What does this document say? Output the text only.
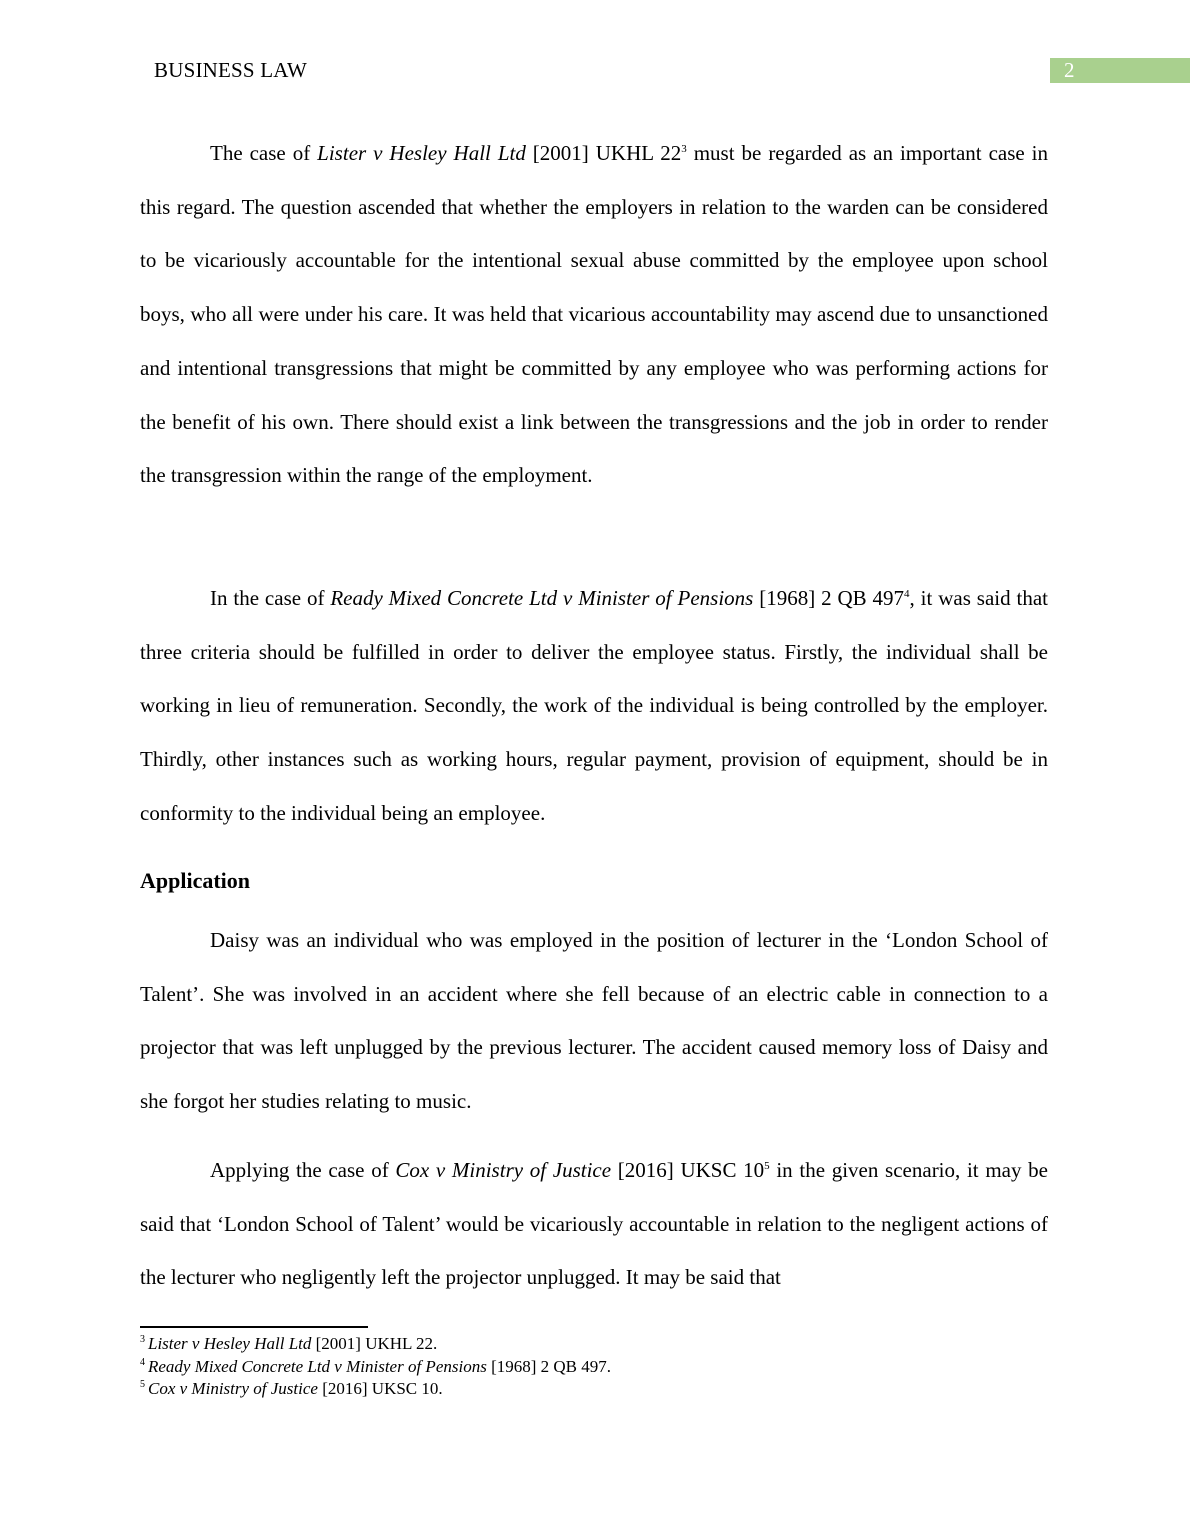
BUSINESS LAW	2

The case of Lister v Hesley Hall Ltd [2001] UKHL $22^3$ must be regarded as an important case in this regard. The question ascended that whether the employers in relation to the warden can be considered to be vicariously accountable for the intentional sexual abuse committed by the employee upon school boys, who all were under his care. It was held that vicarious accountability may ascend due to unsanctioned and intentional transgressions that might be committed by any employee who was performing actions for the benefit of his own. There should exist a link between the transgressions and the job in order to render the transgression within the range of the employment.

In the case of Ready Mixed Concrete Ltd v Minister of Pensions [1968] 2 QB $497^4$, it was said that three criteria should be fulfilled in order to deliver the employee status. Firstly, the individual shall be working in lieu of remuneration. Secondly, the work of the individual is being controlled by the employer. Thirdly, other instances such as working hours, regular payment, provision of equipment, should be in conformity to the individual being an employee.

Application

Daisy was an individual who was employed in the position of lecturer in the ‘London School of Talent’. She was involved in an accident where she fell because of an electric cable in connection to a projector that was left unplugged by the previous lecturer. The accident caused memory loss of Daisy and she forgot her studies relating to music.

Applying the case of Cox v Ministry of Justice [2016] UKSC $10^5$ in the given scenario, it may be said that ‘London School of Talent’ would be vicariously accountable in relation to the negligent actions of the lecturer who negligently left the projector unplugged. It may be said that

$^3$ Lister v Hesley Hall Ltd [2001] UKHL 22.

$^4$ Ready Mixed Concrete Ltd v Minister of Pensions [1968] 2 QB 497.

$^5$ Cox v Ministry of Justice [2016] UKSC 10.
